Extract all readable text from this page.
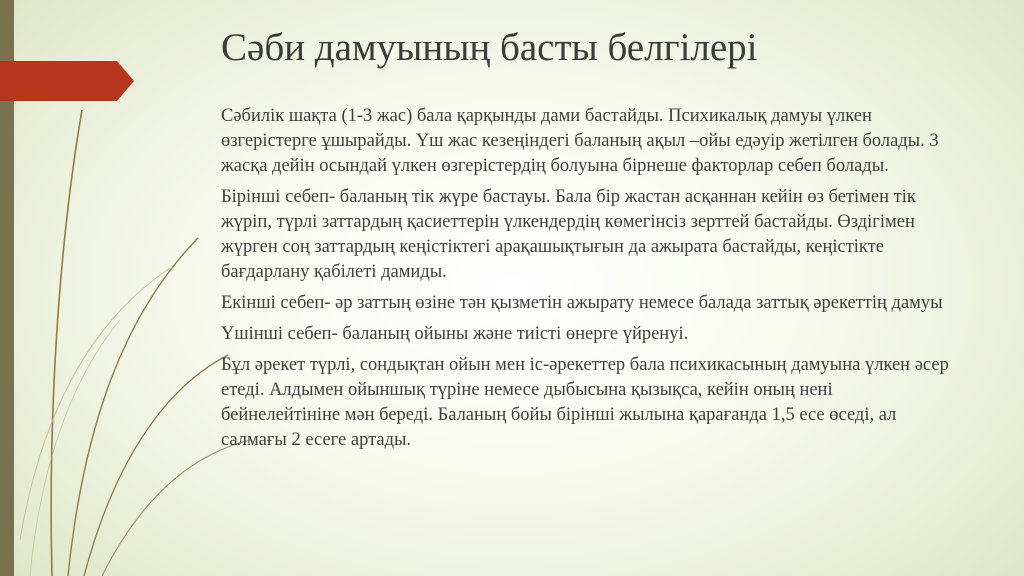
Сәби дамуының басты белгілері

Сәбилік шақта (1-3 жас) бала қарқынды дами бастайды. Психикалық дамуы үлкен өзгерістерге ұшырайды. Үш жас кезеңіндегі баланың ақыл –ойы едәуір жетілген болады. 3 жасқа дейін осындай үлкен өзгерістердің болуына бірнеше факторлар себеп болады.

Бірінші себеп- баланың тік жүре бастауы. Бала бір жастан асқаннан кейін өз бетімен тік жүріп, түрлі заттардың қасиеттерін үлкендердің көмегінсіз зерттей бастайды. Өздігімен жүрген соң заттардың кеңістіктегі арақашықтығын да ажырата бастайды, кеңістікте бағдарлану қабілеті дамиды.

Екінші себеп- әр заттың өзіне тән қызметін ажырату немесе балада заттық әрекеттің дамуы

Үшінші себеп- баланың ойыны және тиісті өнерге үйренуі.

Бұл әрекет түрлі, сондықтан ойын мен іс-әрекеттер бала психикасының дамуына үлкен әсер етеді. Алдымен ойыншық түріне немесе дыбысына қызықса, кейін оның нені бейнелейтініне мән береді. Баланың бойы бірінші жылына қарағанда 1,5 есе өседі, ал салмағы 2 есеге артады.
